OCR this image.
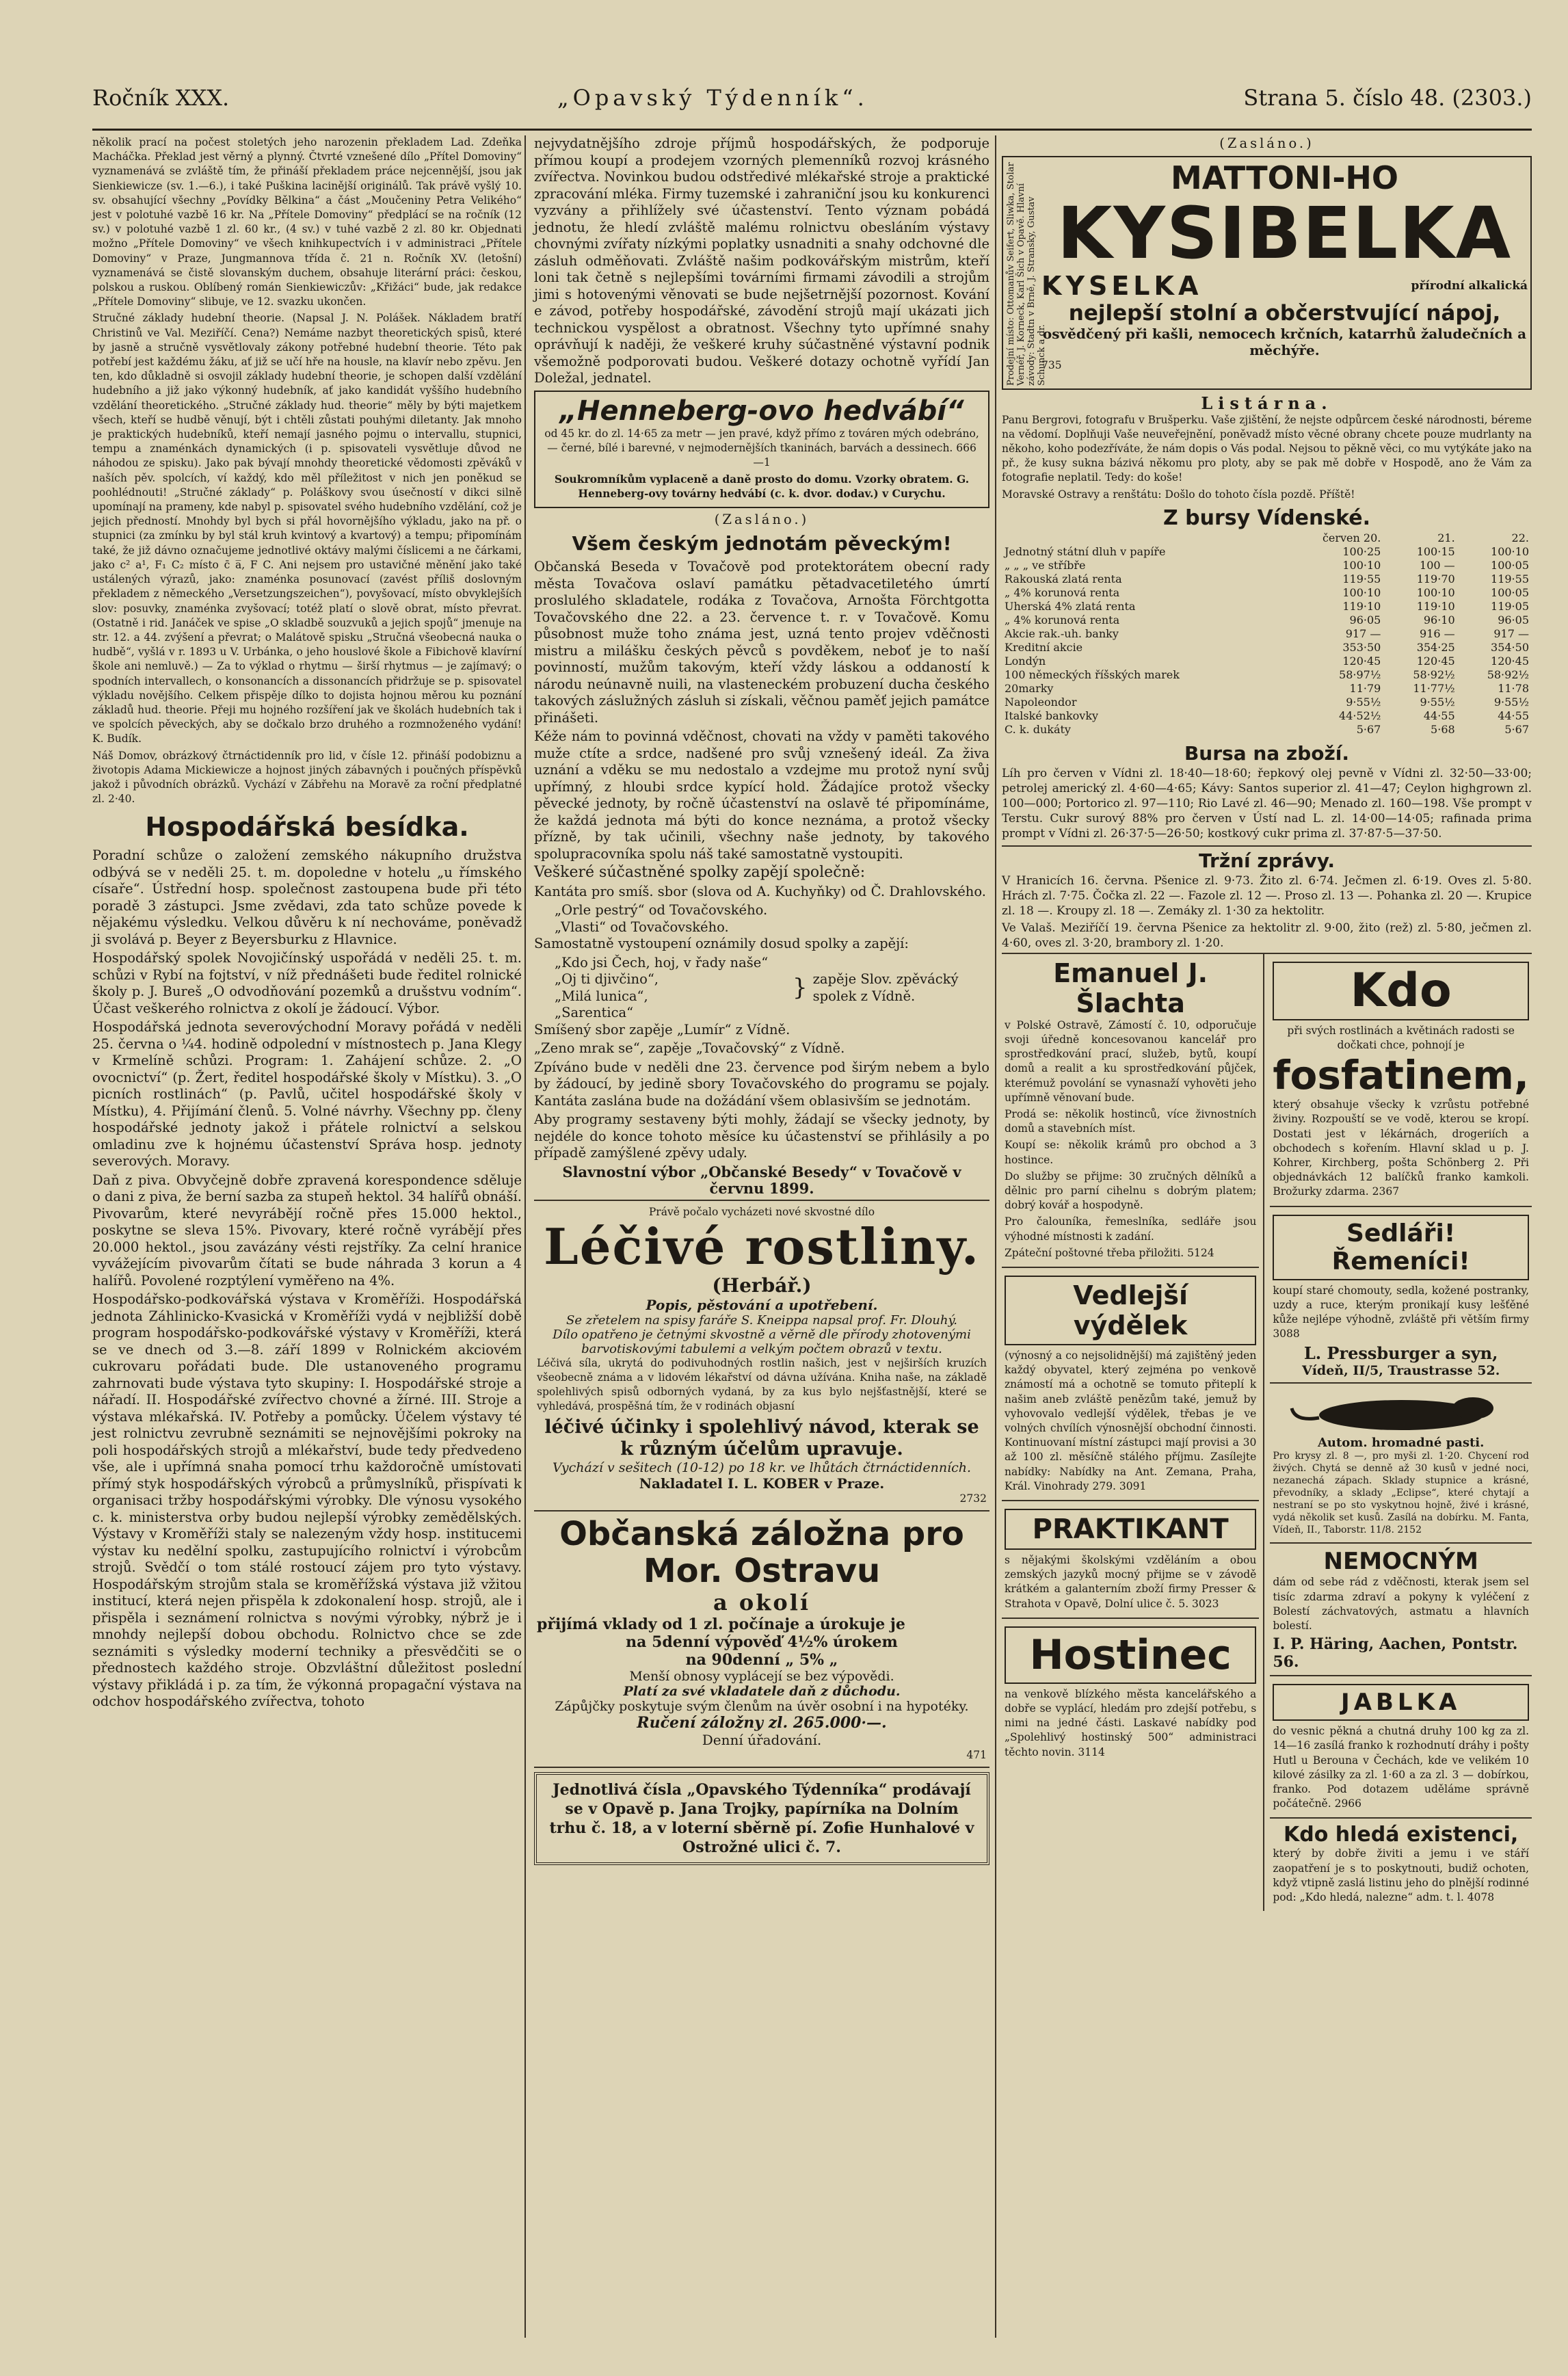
Ročník XXX.	„Opavský Týdenník“.	Strana 5. číslo 48. (2303.)

několik prací na počest stoletých jeho narozenin překladem Lad. Zdeňka Macháčka. Překlad jest věrný a plynný. Čtvrté vznešené dílo „Přítel Domoviny“ vyznamenává se zvláště tím, že přináší překladem práce nejcennější, jsou jak Sienkiewicze (sv. 1.—6.), i také Puškina lacinější originálů. Tak právě vyšlý 10. sv. obsahující všechny „Povídky Bělkina“ a část „Moučeniny Petra Velikého“ jest v polotuhé vazbě 16 kr. Na „Přítele Domoviny“ předplácí se na ročník (12 sv.) v polotuhé vazbě 1 zl. 60 kr., (4 sv.) v tuhé vazbě 2 zl. 80 kr. Objednati možno „Přítele Domoviny“ ve všech knihkupectvích i v administraci „Přítele Domoviny“ v Praze, Jungmannova třída č. 21 n. Ročník XV. (letošní) vyznamenává se čistě slovanským duchem, obsahuje literární práci: českou, polskou a ruskou. Oblíbený román Sienkiewiczův: „Křižáci“ bude, jak redakce „Přítele Domoviny“ slibuje, ve 12. svazku ukončen.

Stručné základy hudební theorie. (Napsal J. N. Polášek. Nákladem bratří Christinů ve Val. Meziříčí. Cena?) Nemáme nazbyt theoretických spisů, které by jasně a stručně vysvětlovaly zákony potřebné hudební theorie. Této pak potřebí jest každému žáku, ať již se učí hře na housle, na klavír nebo zpěvu. Jen ten, kdo důkladně si osvojil základy hudební theorie, je schopen další vzdělání hudebního a již jako výkonný hudebník, ať jako kandidát vyššího hudebního vzdělání theoretického. „Stručné základy hud. theorie“ měly by býti majetkem všech, kteří se hudbě věnují, být i chtěli zůstati pouhými diletanty. Jak mnoho je praktických hudebníků, kteří nemají jasného pojmu o intervallu, stupnici, tempu a znaménkách dynamických (i p. spisovateli vysvětluje důvod ne náhodou ze spisku). Jako pak bývají mnohdy theoretické vědomosti zpěváků v naších pěv. spolcích, ví každý, kdo měl příležitost v nich jen poněkud se poohlédnouti! „Stručné základy“ p. Poláškovy svou úsečností v dikci silně upomínají na prameny, kde nabyl p. spisovatel svého hudebního vzdělání, což je jejich předností. Mnohdy byl bych si přál hovornějšího výkladu, jako na př. o stupnici (za zmínku by byl stál kruh kvintový a kvartový) a tempu; připomínám také, že již dávno označujeme jednotlivé oktávy malými číslicemi a ne čárkami, jako c² a¹, F₁ C₂ místo c̄ a̅, F C. Ani nejsem pro ustavičné měnění jako také ustálených výrazů, jako: znaménka posunovací (zavést příliš doslovným překladem z německého „Versetzungszeichen“), povyšovací, místo obvyklejších slov: posuvky, znaménka zvyšovací; totéž platí o slově obrat, místo převrat. (Ostatně i rid. Janáček ve spise „O skladbě souzvuků a jejich spojů“ jmenuje na str. 12. a 44. zvýšení a převrat; o Malátově spisku „Stručná všeobecná nauka o hudbě“, vyšlá v r. 1893 u V. Urbánka, o jeho houslové škole a Fibichově klavírní škole ani nemluvě.) — Za to výklad o rhytmu — širší rhytmus — je zajímavý; o spodních intervallech, o konsonancích a dissonancích přidržuje se p. spisovatel výkladu novějšího. Celkem přispěje dílko to dojista hojnou měrou ku poznání základů hud. theorie. Přeji mu hojného rozšíření jak ve školách hudebních tak i ve spolcích pěveckých, aby se dočkalo brzo druhého a rozmnoženého vydání! K. Budík.

Náš Domov, obrázkový čtrnáctidenník pro lid, v čísle 12. přináší podobiznu a životopis Adama Mickiewicze a hojnost jiných zábavných i poučných příspěvků jakož i původních obrázků. Vychází v Zábřehu na Moravě za roční předplatné zl. 2·40.

Hospodářská besídka.

Poradní schůze o založení zemského nákupního družstva odbývá se v neděli 25. t. m. dopoledne v hotelu „u římského císaře“. Ústřední hosp. společnost zastoupena bude při této poradě 3 zástupci. Jsme zvědavi, zda tato schůze povede k nějakému výsledku. Velkou důvěru k ní nechováme, poněvadž ji svolává p. Beyer z Beyersburku z Hlavnice.

Hospodářský spolek Novojičínský uspořádá v neděli 25. t. m. schůzi v Rybí na fojtství, v níž přednášeti bude ředitel rolnické školy p. J. Bureš „O odvodňování pozemků a drušstvu vodním“. Účast veškerého rolnictva z okolí je žádoucí. Výbor.

Hospodářská jednota severovýchodní Moravy pořádá v neděli 25. června o ¼4. hodině odpolední v místnostech p. Jana Klegy v Krmelíně schůzi. Program: 1. Zahájení schůze. 2. „O ovocnictví“ (p. Žert, ředitel hospodářské školy v Místku). 3. „O picních rostlinách“ (p. Pavlů, učitel hospodářské školy v Místku), 4. Přijímání členů. 5. Volné návrhy. Všechny pp. členy hospodářské jednoty jakož i přátele rolnictví a selskou omladinu zve k hojnému účastenství Správa hosp. jednoty severových. Moravy.

Daň z piva. Obvyčejně dobře zpravená korespondence sděluje o dani z piva, že berní sazba za stupeň hektol. 34 halířů obnáší. Pivovarům, které nevyrábějí ročně přes 15.000 hektol., poskytne se sleva 15%. Pivovary, které ročně vyrábějí přes 20.000 hektol., jsou zavázány vésti rejstříky. Za celní hranice vyvážejícím pivovarům čítati se bude náhrada 3 korun a 4 halířů. Povolené rozptýlení vyměřeno na 4%.

Hospodářsko-podkovářská výstava v Kroměříži. Hospodářská jednota Záhlinicko-Kvasická v Kroměříži vydá v nejbližší době program hospodářsko-podkovářské výstavy v Kroměříži, která se ve dnech od 3.—8. září 1899 v Rolnickém akciovém cukrovaru pořádati bude. Dle ustanoveného programu zahrnovati bude výstava tyto skupiny: I. Hospodářské stroje a nářadí. II. Hospodářské zvířectvo chovné a žírné. III. Stroje a výstava mlékařská. IV. Potřeby a pomůcky. Účelem výstavy té jest rolnictvu zevrubně seznámiti se nejnovějšími pokroky na poli hospodářských strojů a mlékařství, bude tedy předvedeno vše, ale i upřímná snaha pomocí trhu každoročně umístovati přímý styk hospodářských výrobců a průmyslníků, přispívati k organisaci tržby hospodářskými výrobky. Dle výnosu vysokého c. k. ministerstva orby budou nejlepší výrobky zemědělských. Výstavy v Kroměříži staly se nalezeným vždy hosp. institucemi výstav ku nedělní spolku, zastupujícího rolnictví i výrobcům strojů. Svědčí o tom stálé rostoucí zájem pro tyto výstavy. Hospodářským strojům stala se kroměřížská výstava již vžitou institucí, která nejen přispěla k zdokonalení hosp. strojů, ale i přispěla i seznámení rolnictva s novými výrobky, nýbrž je i mnohdy nejlepší dobou obchodu. Rolnictvo chce se zde seznámiti s výsledky moderní techniky a přesvědčiti se o přednostech každého stroje. Obzvláštní důležitost poslední výstavy přikládá i p. za tím, že výkonná propagační výstava na odchov hospodářského zvířectva, tohoto

nejvydatnějšího zdroje příjmů hospodářských, že podporuje přímou koupí a prodejem vzorných plemenníků rozvoj krásného zvířectva. Novinkou budou odstředivé mlékařské stroje a praktické zpracování mléka. Firmy tuzemské i zahraniční jsou ku konkurenci vyzvány a přihlížely své účastenství. Tento význam pobádá jednotu, že hledí zvláště malému rolnictvu obesláním výstavy chovnými zvířaty nízkými poplatky usnadniti a snahy odchovné dle zásluh odměňovati. Zvláště našim podkovářským mistrům, kteří loni tak četně s nejlepšími továrními firmami závodili a strojům jimi s hotovenými věnovati se bude nejšetrnější pozornost. Kování e závod, potřeby hospodářské, závodění strojů mají ukázati jich technickou vyspělost a obratnost. Všechny tyto upřímné snahy oprávňují k naději, že veškeré kruhy súčastněné výstavní podnik všemožně podporovati budou. Veškeré dotazy ochotně vyřídí Jan Doležal, jednatel.

„Henneberg-ovo hedvábí“

od 45 kr. do zl. 14·65 za metr — jen pravé, když přímo z továren mých odebráno, — černé, bílé i barevné, v nejmodernějších tkaninách, barvách a dessinech. 666—1

Soukromníkům vyplaceně a daně prosto do domu. Vzorky obratem. G. Henneberg-ovy továrny hedvábí (c. k. dvor. dodav.) v Curychu.

(Zasláno.)
Všem českým jednotám pěveckým!

Občanská Beseda v Tovačově pod protektorátem obecní rady města Tovačova oslaví památku pětadvacetiletého úmrtí proslulého skladatele, rodáka z Tovačova, Arnošta Förchtgotta Tovačovského dne 22. a 23. července t. r. v Tovačově. Komu působnost muže toho známa jest, uzná tento projev vděčnosti mistru a milášku českých pěvců s povděkem, neboť je to naší povinností, mužům takovým, kteří vždy láskou a oddaností k národu neúnavně nuili, na vlasteneckém probuzení ducha českého takových záslužných zásluh si získali, věčnou paměť jejich památce přinášeti.

Kéže nám to povinná vděčnost, chovati na vždy v paměti takového muže ctíte a srdce, nadšené pro svůj vznešený ideál. Za živa uznání a vděku se mu nedostalo a vzdejme mu protož nyní svůj upřímný, z hloubi srdce kypící hold. Žádajíce protož všecky pěvecké jednoty, by ročně účastenství na oslavě té připomínáme, že každá jednota má býti do konce neznáma, a protož všecky přízně, by tak učinili, všechny naše jednoty, by takového spolupracovníka spolu náš také samostatně vystoupiti.

Veškeré súčastněné spolky zapějí společně:

Kantáta pro smíš. sbor (slova od A. Kuchyňky) od Č. Drahlovského.

„Orle pestrý“ od Tovačovského.
„Vlasti“ od Tovačovského.

Samostatně vystoupení oznámily dosud spolky a zapějí:

„Kdo jsi Čech, hoj, v řady naše“
„Oj ti djivčino“,
„Milá lunica“,
„Sarentica“
} zapěje Slov. zpěvácký spolek z Vídně.

Smíšený sbor zapěje „Lumír“ z Vídně.

„Zeno mrak se“, zapěje „Tovačovský“ z Vídně.

Zpíváno bude v neděli dne 23. července pod širým nebem a bylo by žádoucí, by jedině sbory Tovačovského do programu se pojaly. Kantáta zaslána bude na dožádání všem oblasivším se jednotám.

Aby programy sestaveny býti mohly, žádají se všecky jednoty, by nejdéle do konce tohoto měsíce ku účastenství se přihlásily a po případě zamýšlené zpěvy udaly.

Slavnostní výbor „Občanské Besedy“ v Tovačově v červnu 1899.

Právě počalo vycházeti nové skvostné dílo
Léčivé rostliny.
(Herbář.)
Popis, pěstování a upotřebení.
Se zřetelem na spisy faráře S. Kneippa napsal prof. Fr. Dlouhý.
Dílo opatřeno je četnými skvostně a věrně dle přírody zhotovenými barvotiskovými tabulemi a velkým počtem obrazů v textu.

Léčivá síla, ukrytá do podivuhodných rostlin našich, jest v nejširších kruzích všeobecně známa a v lidovém lékařství od dávna užívána. Kniha naše, na základě spolehlivých spisů odborných vydaná, by za kus bylo nejšťastnější, které se vyhledává, prospěšná tím, že v rodinách objasní

léčivé účinky i spolehlivý návod, kterak se k různým účelům upravuje.
Vychází v sešitech (10-12) po 18 kr. ve lhůtách čtrnáctidenních.
Nakladatel I. L. KOBER v Praze.
2732
Občanská záložna pro Mor. Ostravu
a okolí
přijímá vklady od 1 zl. počínaje a úrokuje je
na 5denní výpověď 4½% úrokem
na 90denní „ 5% „
Menší obnosy vyplácejí se bez výpovědi.
Platí za své vkladatele daň z důchodu.
Zápůjčky poskytuje svým členům na úvěr osobní i na hypotéky.
Ručení záložny zl. 265.000·—.
Denní úřadování.
471
Jednotlivá čísla „Opavského Týdenníka“ prodávají se v Opavě p. Jana Trojky, papírníka na Dolním trhu č. 18, a v loterní sběrně pí. Zofie Hunhalové v Ostrožné ulici č. 7.
(Zasláno.)
Prodejní místo: Ottomanův Seifert, Sliwka, Stolar Vernéř, J. Korneck, Karl Šich v Opavě. Hlavní závody: Stadtn v Brně, J. Stransky, Gustav Schunck a dr.
MATTONI-HO
KYSIBELKA
KYSELKA	přírodní alkalická
nejlepší stolní a občerstvující nápoj,
osvědčený při kašli, nemocech krčních, katarrhů žaludečních a měchýře.
735
Listárna.

Panu Bergrovi, fotografu v Brušperku. Vaše zjištění, že nejste odpůrcem české národnosti, béreme na vědomí. Doplňuji Vaše neuveřejnění, poněvadž místo věcné obrany chcete pouze mudrlanty na někoho, koho podezříváte, že nám dopis o Vás podal. Nejsou to pěkně věci, co mu vytýkáte jako na př., že kusy sukna bázivá někomu pro ploty, aby se pak mě dobře v Hospodě, ano že Vám za fotografie neplatil. Tedy: do koše!

Moravské Ostravy a renštátu: Došlo do tohoto čísla pozdě. Příště!

Z bursy Vídenské.
	červen 20.	21.	22.
Jednotný státní dluh v papíře	100·25	100·15	100·10
„ „ „ ve stříbře	100·10	100 —	100·05
Rakouská zlatá renta	119·55	119·70	119·55
„ 4% korunová renta	100·10	100·10	100·05
Uherská 4% zlatá renta	119·10	119·10	119·05
„ 4% korunová renta	96·05	96·10	96·05
Akcie rak.-uh. banky	917 —	916 —	917 —
Kreditní akcie	353·50	354·25	354·50
Londýn	120·45	120·45	120·45
100 německých říšských marek	58·97½	58·92½	58·92½
20marky	11·79	11·77½	11·78
Napoleondor	9·55½	9·55½	9·55½
Italské bankovky	44·52½	44·55	44·55
C. k. dukáty	5·67	5·68	5·67
Bursa na zboží.

Líh pro červen v Vídni zl. 18·40—18·60; řepkový olej pevně v Vídni zl. 32·50—33·00; petrolej americký zl. 4·60—4·65; Kávy: Santos superior zl. 41—47; Ceylon highgrown zl. 100—000; Portorico zl. 97—110; Rio Lavé zl. 46—90; Menado zl. 160—198. Vše prompt v Terstu. Cukr surový 88% pro červen v Ústí nad L. zl. 14·00—14·05; rafinada prima prompt v Vídni zl. 26·37·5—26·50; kostkový cukr prima zl. 37·87·5—37·50.

Tržní zprávy.

V Hranicích 16. června. Pšenice zl. 9·73. Žito zl. 6·74. Ječmen zl. 6·19. Oves zl. 5·80. Hrách zl. 7·75. Čočka zl. 22 —. Fazole zl. 12 —. Proso zl. 13 —. Pohanka zl. 20 —. Krupice zl. 18 —. Kroupy zl. 18 —. Zemáky zl. 1·30 za hektolitr.

Ve Valaš. Meziříčí 19. června Pšenice za hektolitr zl. 9·00, žito (rež) zl. 5·80, ječmen zl. 4·60, oves zl. 3·20, brambory zl. 1·20.

Emanuel J. Šlachta

v Polské Ostravě, Zámostí č. 10, odporučuje svoji úředně koncesovanou kancelář pro sprostředkování prací, služeb, bytů, koupí domů a realit a ku sprostředkování půjček, kterémuž povolání se vynasnaží vyhověti jeho upřímně věnovaní bude.

Prodá se: několik hostinců, více živnostních domů a stavebních míst.

Koupí se: několik krámů pro obchod a 3 hostince.

Do služby se přijme: 30 zručných dělníků a dělnic pro parní cihelnu s dobrým platem; dobrý kovář a hospodyně.

Pro čalouníka, řemeslníka, sedláře jsou výhodné místnosti k zadání.

Zpáteční poštovné třeba přiložiti. 5124

Vedlejší výdělek

(výnosný a co nejsolidnější) má zajištěný jeden každý obyvatel, který zejména po venkově známostí má a ochotně se tomuto přiteplí k našim aneb zvláště penězům také, jemuž by vyhovovalo vedlejší výdělek, třebas je ve volných chvílích výnosnější obchodní činnosti. Kontinuovaní místní zástupci mají provisi a 30 až 100 zl. měsíčně stálého příjmu. Zasílejte nabídky: Nabídky na Ant. Zemana, Praha, Král. Vinohrady 279. 3091

PRAKTIKANT

s nějakými školskými vzděláním a obou zemských jazyků mocný přijme se v závodě krátkém a galanterním zboží firmy Presser & Strahota v Opavě, Dolní ulice č. 5. 3023

Hostinec

na venkově blízkého města kancelářského a dobře se vyplácí, hledám pro zdejší potřebu, s nimi na jedné části. Laskavé nabídky pod „Spolehlivý hostinský 500“ administraci těchto novin. 3114

Kdo
při svých rostlinách a květinách radosti se dočkati chce, pohnojí je
fosfatinem,

který obsahuje všecky k vzrůstu potřebné živiny. Rozpouští se ve vodě, kterou se kropí. Dostati jest v lékárnách, drogeriích a obchodech s kořením. Hlavní sklad u p. J. Kohrer, Kirchberg, pošta Schönberg 2. Při objednávkách 12 balíčků franko kamkoli. Brožurky zdarma. 2367

Sedláři! Řemeníci!

koupí staré chomouty, sedla, kožené postranky, uzdy a ruce, kterým pronikají kusy lešťěné kůže nejlépe výhodně, zvláště při větším firmy 3088

L. Pressburger a syn,
Vídeň, II/5, Traustrasse 52.
Autom. hromadné pasti.

Pro krysy zl. 8 —, pro myši zl. 1·20. Chycení rod živých. Chytá se denně až 30 kusů v jedné noci, nezanechá zápach. Sklady stupnice a krásné, převodníky, a sklady „Eclipse“, které chytají a nestraní se po sto vyskytnou hojně, živé i krásné, vydá několik set kusů. Zasílá na dobírku. M. Fanta, Vídeň, II., Taborstr. 11/8. 2152

NEMOCNÝM

dám od sebe rád z vděčnosti, kterak jsem sel tisíc zdarma zdraví a pokyny k vyléčení z Bolestí záchvatových, astmatu a hlavních bolestí.

I. P. Häring, Aachen, Pontstr. 56.
JABLKA

do vesnic pěkná a chutná druhy 100 kg za zl. 14—16 zasílá franko k rozhodnutí dráhy i pošty Hutl u Berouna v Čechách, kde ve velikém 10 kilové zásilky za zl. 1·60 a za zl. 3 — dobírkou, franko. Pod dotazem uděláme správně počátečně. 2966

Kdo hledá existenci,

který by dobře živiti a jemu i ve stáří zaopatření je s to poskytnouti, budiž ochoten, když vtipně zaslá listinu jeho do plnější rodinné pod: „Kdo hledá, nalezne“ adm. t. l. 4078
